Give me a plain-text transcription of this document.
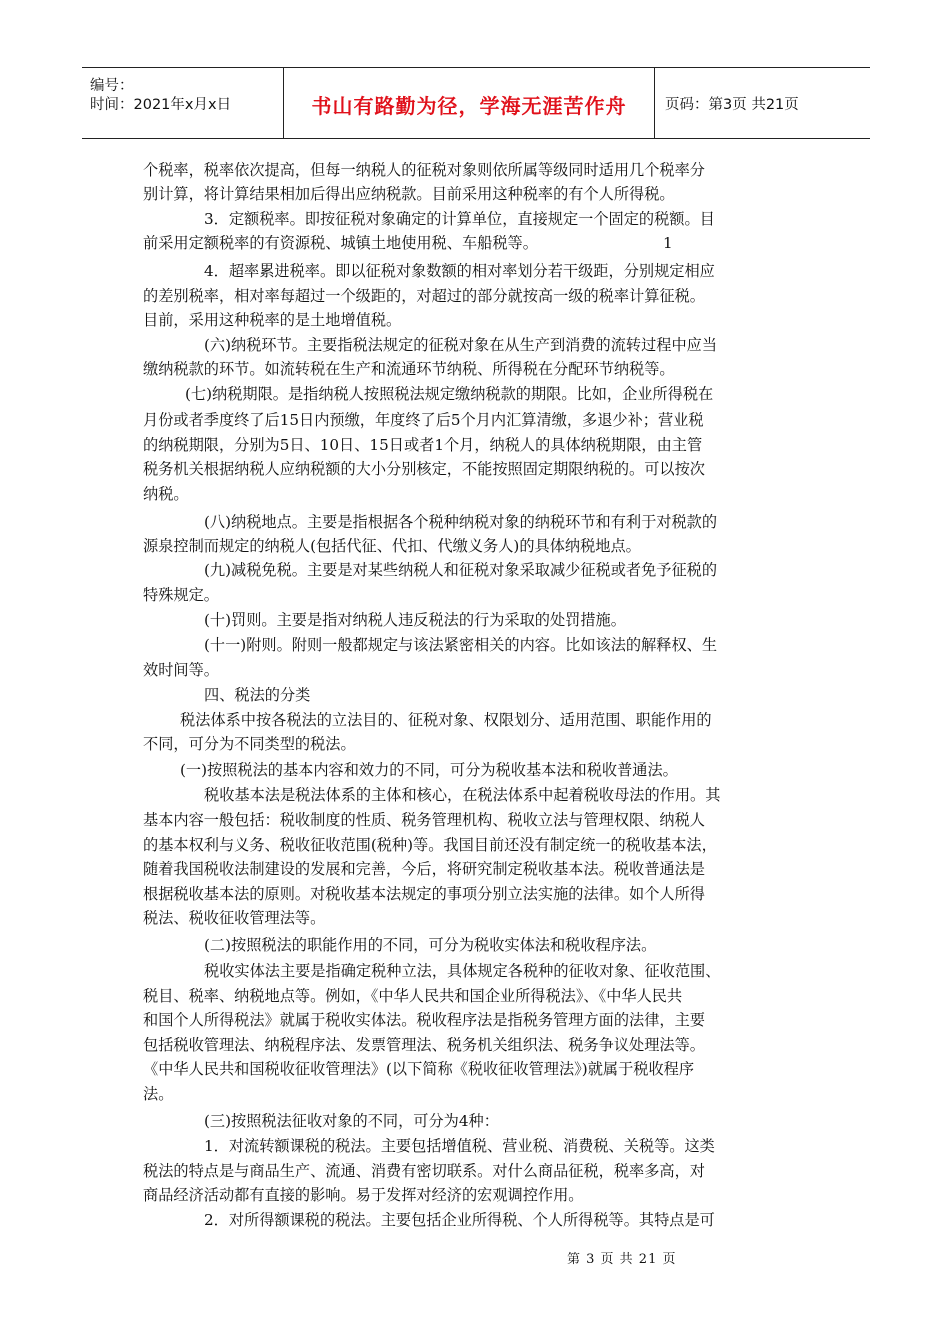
编号：
时间：2021年x月x日	书山有路勤为径，学海无涯苦作舟	页码：第3页 共21页
个税率，税率依次提高，但每一纳税人的征税对象则依所属等级同时适用几个税率分
别计算，将计算结果相加后得出应纳税款。目前采用这种税率的有个人所得税。
3．定额税率。即按征税对象确定的计算单位，直接规定一个固定的税额。目
前采用定额税率的有资源税、城镇土地使用税、车船税等。	1
4．超率累进税率。即以征税对象数额的相对率划分若干级距，分别规定相应
的差别税率，相对率每超过一个级距的，对超过的部分就按高一级的税率计算征税。
目前，采用这种税率的是土地增值税。
(六)纳税环节。主要指税法规定的征税对象在从生产到消费的流转过程中应当
缴纳税款的环节。如流转税在生产和流通环节纳税、所得税在分配环节纳税等。
(七)纳税期限。是指纳税人按照税法规定缴纳税款的期限。比如，企业所得税在
月份或者季度终了后15日内预缴，年度终了后5个月内汇算清缴，多退少补；营业税
的纳税期限，分别为5日、10日、15日或者1个月，纳税人的具体纳税期限，由主管
税务机关根据纳税人应纳税额的大小分别核定，不能按照固定期限纳税的。可以按次
纳税。
(八)纳税地点。主要是指根据各个税种纳税对象的纳税环节和有利于对税款的
源泉控制而规定的纳税人(包括代征、代扣、代缴义务人)的具体纳税地点。
(九)减税免税。主要是对某些纳税人和征税对象采取减少征税或者免予征税的
特殊规定。
(十)罚则。主要是指对纳税人违反税法的行为采取的处罚措施。
(十一)附则。附则一般都规定与该法紧密相关的内容。比如该法的解释权、生
效时间等。
四、税法的分类
税法体系中按各税法的立法目的、征税对象、权限划分、适用范围、职能作用的
不同，可分为不同类型的税法。
(一)按照税法的基本内容和效力的不同，可分为税收基本法和税收普通法。
税收基本法是税法体系的主体和核心，在税法体系中起着税收母法的作用。其
基本内容一般包括：税收制度的性质、税务管理机构、税收立法与管理权限、纳税人
的基本权利与义务、税收征收范围(税种)等。我国目前还没有制定统一的税收基本法，
随着我国税收法制建设的发展和完善，今后，将研究制定税收基本法。税收普通法是
根据税收基本法的原则。对税收基本法规定的事项分别立法实施的法律。如个人所得
税法、税收征收管理法等。
(二)按照税法的职能作用的不同，可分为税收实体法和税收程序法。
税收实体法主要是指确定税种立法，具体规定各税种的征收对象、征收范围、
税目、税率、纳税地点等。例如，《中华人民共和国企业所得税法》、《中华人民共
和国个人所得税法》就属于税收实体法。税收程序法是指税务管理方面的法律，主要
包括税收管理法、纳税程序法、发票管理法、税务机关组织法、税务争议处理法等。
《中华人民共和国税收征收管理法》(以下简称《税收征收管理法》)就属于税收程序
法。
(三)按照税法征收对象的不同，可分为4种：
1．对流转额课税的税法。主要包括增值税、营业税、消费税、关税等。这类
税法的特点是与商品生产、流通、消费有密切联系。对什么商品征税，税率多高，对
商品经济活动都有直接的影响。易于发挥对经济的宏观调控作用。
2．对所得额课税的税法。主要包括企业所得税、个人所得税等。其特点是可
第 3 页 共 21 页
